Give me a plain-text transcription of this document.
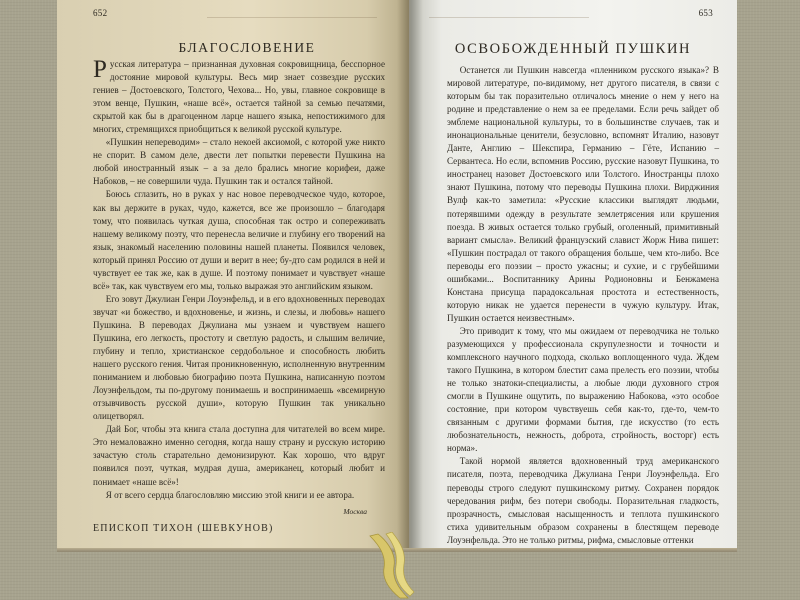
652
БЛАГОСЛОВЕНИЕ

Русская литература – признанная духовная сокровищница, бесспорное достояние мировой культуры. Весь мир знает созвездие русских гениев – Достоевского, Толстого, Чехова... Но, увы, главное сокровище в этом венце, Пушкин, «наше всё», остается тайной за семью печатями, скрытой как бы в драгоценном ларце нашего языка, непостижимого для многих, стремящихся приобщиться к великой русской культуре.

«Пушкин непереводим» – стало некоей аксиомой, с которой уже никто не спорит. В самом деле, двести лет попытки перевести Пушкина на любой иностранный язык – а за дело брались многие корифеи, даже Набоков, – не совершили чуда. Пушкин так и остался тайной.

Боюсь сглазить, но в руках у нас новое переводческое чудо, которое, как вы держите в руках, чудо, кажется, все же произошло – благодаря тому, что появилась чуткая душа, способная так остро и сопереживать нашему великому поэту, что перенесла величие и глубину его творений на язык, знакомый населению половины нашей планеты. Появился человек, который принял Россию от души и верит в нее; бу-дто сам родился в ней и чувствует ее так же, как в душе. И поэтому понимает и чувствует «наше всё» так, как чувствуем его мы, только выражая это английским языком.

Его зовут Джулиан Генри Лоуэнфельд, и в его вдохновенных переводах звучат «и божество, и вдохновенье, и жизнь, и слезы, и любовь» нашего Пушкина. В переводах Джулиана мы узнаем и чувствуем нашего Пушкина, его легкость, простоту и светлую радость, и слышим величие, глубину и тепло, христианское сердобольное и способность любить нашего русского гения. Читая проникновенную, исполненную внутренним пониманием и любовью биографию поэта Пушкина, написанную поэтом Лоуэнфельдом, ты по-другому понимаешь и воспринимаешь «всемирную отзывчивость русской души», которую Пушкин так уникально олицетворял.

Дай Бог, чтобы эта книга стала доступна для читателей во всем мире. Это немаловажно именно сегодня, когда нашу страну и русскую историю зачастую столь старательно демонизируют. Как хорошо, что вдруг появился поэт, чуткая, мудрая душа, американец, который любит и понимает «наше всё»!

Я от всего сердца благословляю миссию этой книги и ее автора.

Москва
ЕПИСКОП ТИХОН (ШЕВКУНОВ)
653
ОСВОБОЖДЕННЫЙ ПУШКИН

Останется ли Пушкин навсегда «пленником русского языка»? В мировой литературе, по-видимому, нет другого писателя, в связи с которым бы так поразительно отличалось мнение о нем у него на родине и представление о нем за ее пределами. Если речь зайдет об эмблеме национальной культуры, то в большинстве случаев, так и инонациональные ценители, безусловно, вспомнят Италию, назовут Данте, Англию – Шекспира, Германию – Гёте, Испанию – Сервантеса. Но если, вспомнив Россию, русские назовут Пушкина, то иностранец назовет Достоевского или Толстого. Иностранцы плохо знают Пушкина, потому что переводы Пушкина плохи. Вирджиния Вулф как-то заметила: «Русские классики выглядят людьми, потерявшими одежду в результате землетрясения или крушения поезда. В живых остается только грубый, оголенный, примитивный вариант смысла». Великий французский славист Жорж Нива пишет: «Пушкин пострадал от такого обращения больше, чем кто-либо. Все переводы его поэзии – просто ужасны; и сухие, и с грубейшими ошибками... Воспитаннику Арины Родионовны и Бенжамена Констана присуща парадоксальная простота и естественность, которую никак не удается перенести в чужую культуру. Итак, Пушкин остается неизвестным».

Это приводит к тому, что мы ожидаем от переводчика не только разумеющихся у профессионала скрупулезности и точности и комплексного научного подхода, сколько воплощенного чуда. Ждем такого Пушкина, в котором блестит сама прелесть его поэзии, чтобы не только знатоки-специалисты, а любые люди духовного строя смогли в Пушкине ощутить, по выражению Набокова, «это особое состояние, при котором чувствуешь себя как-то, где-то, чем-то связанным с другими формами бытия, где искусство (то есть любознательность, нежность, доброта, стройность, восторг) есть норма».

Такой нормой является вдохновенный труд американского писателя, поэта, переводчика Джулиана Генри Лоуэнфельда. Его переводы строго следуют пушкинскому ритму. Сохранен порядок чередования рифм, без потери свободы. Поразительная гладкость, прозрачность, смысловая насыщенность и теплота пушкинского стиха удивительным образом сохранены в блестящем переводе Лоуэнфельда. Это не только ритмы, рифма, смысловые оттенки
